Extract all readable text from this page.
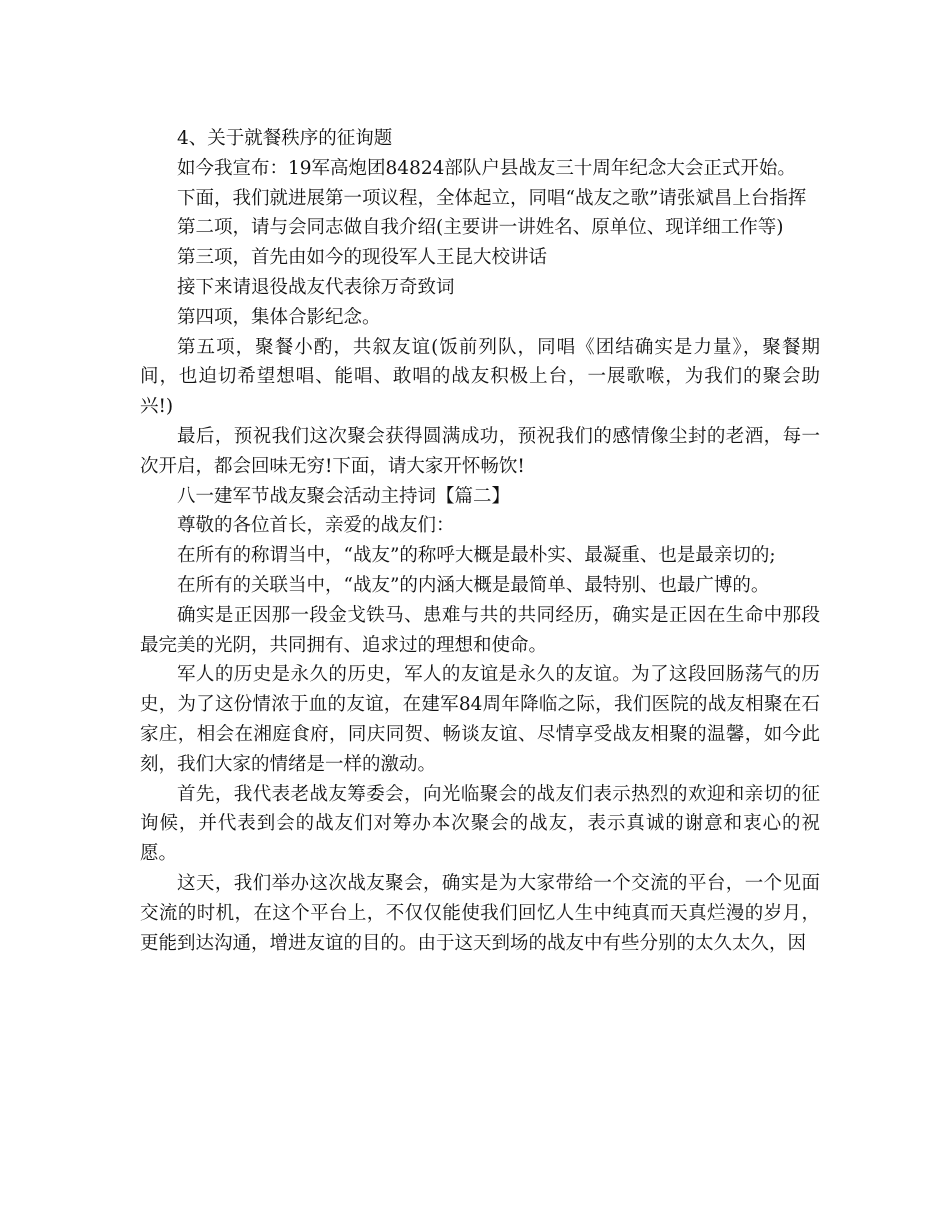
4、关于就餐秩序的征询题

如今我宣布：19军高炮团84824部队户县战友三十周年纪念大会正式开始。

下面，我们就进展第一项议程，全体起立，同唱“战友之歌”请张斌昌上台指挥

第二项，请与会同志做自我介绍(主要讲一讲姓名、原单位、现详细工作等)

第三项，首先由如今的现役军人王昆大校讲话

接下来请退役战友代表徐万奇致词

第四项，集体合影纪念。

第五项，聚餐小酌，共叙友谊(饭前列队，同唱《团结确实是力量》，聚餐期间，也迫切希望想唱、能唱、敢唱的战友积极上台，一展歌喉，为我们的聚会助兴!)

最后，预祝我们这次聚会获得圆满成功，预祝我们的感情像尘封的老酒，每一次开启，都会回味无穷!下面，请大家开怀畅饮!

八一建军节战友聚会活动主持词【篇二】

尊敬的各位首长，亲爱的战友们：

在所有的称谓当中，“战友”的称呼大概是最朴实、最凝重、也是最亲切的;

在所有的关联当中，“战友”的内涵大概是最简单、最特别、也最广博的。

确实是正因那一段金戈铁马、患难与共的共同经历，确实是正因在生命中那段最完美的光阴，共同拥有、追求过的理想和使命。

军人的历史是永久的历史，军人的友谊是永久的友谊。为了这段回肠荡气的历史，为了这份情浓于血的友谊，在建军84周年降临之际，我们医院的战友相聚在石家庄，相会在湘庭食府，同庆同贺、畅谈友谊、尽情享受战友相聚的温馨，如今此刻，我们大家的情绪是一样的激动。

首先，我代表老战友筹委会，向光临聚会的战友们表示热烈的欢迎和亲切的征询候，并代表到会的战友们对筹办本次聚会的战友，表示真诚的谢意和衷心的祝愿。

这天，我们举办这次战友聚会，确实是为大家带给一个交流的平台，一个见面交流的时机，在这个平台上，不仅仅能使我们回忆人生中纯真而天真烂漫的岁月，更能到达沟通，增进友谊的目的。由于这天到场的战友中有些分别的太久太久，因
